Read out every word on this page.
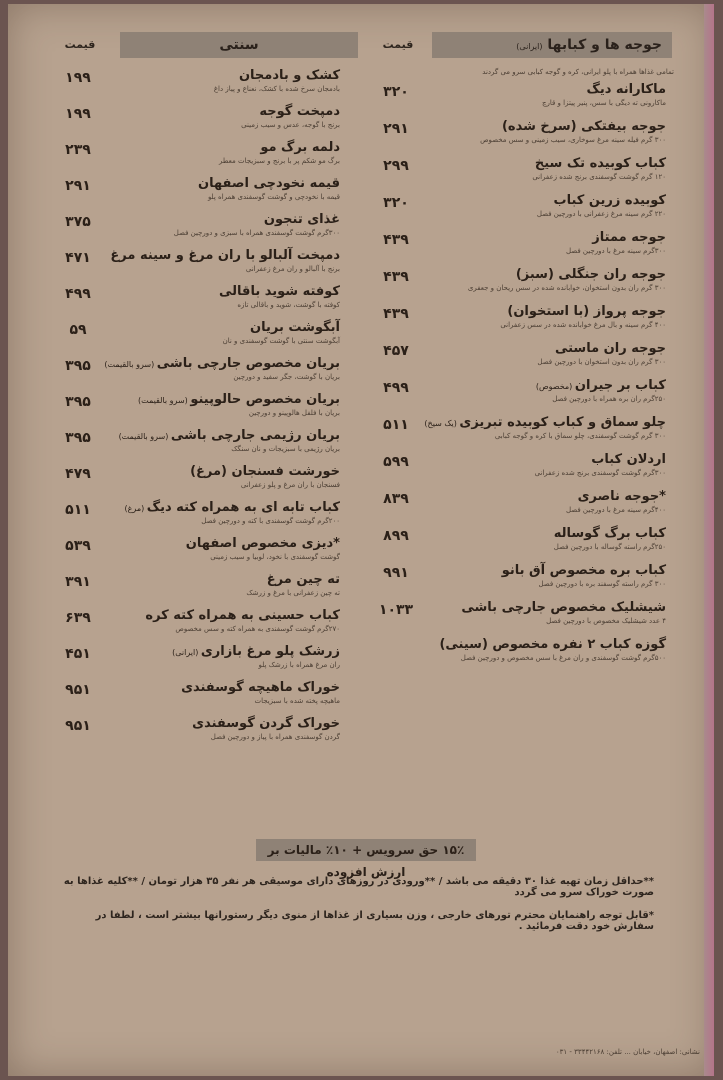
قیمت	جوجه ها و کبابها (ایرانی)
تمامی غذاها همراه با پلو ایرانی، کره و گوجه کبابی سرو می گردند
قیمت	سنتی
ماکارانه دیگ
ماکارونی ته دیگی با سس، پنیر پیتزا و قارچ
۳۲۰
جوجه بیفتکی (سرخ شده)
۳۰۰ گرم فیله سینه مرغ سوخاری، سیب زمینی و سس مخصوص
۲۹۱
کباب کوبیده تک سیخ
۱۲۰ گرم گوشت گوسفندی برنج شده زعفرانی
۲۹۹
کوبیده زرین کباب
۲۲۰ گرم سینه مرغ زعفرانی با دورچین فصل
۳۲۰
جوجه ممتاز
۳۰۰گرم سینه مرغ با دورچین فصل
۴۳۹
جوجه ران جنگلی (سبز)
۳۰۰ گرم ران بدون استخوان، خوابانده شده در سس ریحان و جعفری
۴۳۹
جوجه پرواز (با استخوان)
۴۰۰ گرم سینه و بال مرغ خوابانده شده در سس زعفرانی
۴۳۹
جوجه ران ماستی
۳۰۰ گرم ران بدون استخوان با دورچین فصل
۴۵۷
کباب بر جیران (مخصوص)
۲۵۰گرم ران بره همراه با دورچین فصل
۴۹۹
چلو سماق و کباب کوبیده تبریزی (یک سیخ)
۳۰۰ گرم گوشت گوسفندی، چلو سماق با کره و گوجه کبابی
۵۱۱
اردلان کباب
۳۰۰گرم گوشت گوسفندی برنج شده زعفرانی
۵۹۹
*جوجه ناصری
۴۰۰گرم سینه مرغ با دورچین فصل
۸۳۹
کباب برگ گوساله
۲۵۰گرم راسته گوساله با دورچین فصل
۸۹۹
کباب بره مخصوص آق بانو
۳۰۰ گرم راسته گوسفند بره با دورچین فصل
۹۹۱
شیشلیک مخصوص جارچی باشی
۴ عدد شیشلیک مخصوص با دورچین فصل
۱۰۳۳
گوزه کباب ۲ نفره مخصوص (سینی)
۵۰۰گرم گوشت گوسفندی و ران مرغ با سس مخصوص و دورچین فصل
کشک و بادمجان
بادمجان سرخ شده با کشک، نعناع و پیاز داغ
۱۹۹
دمپخت گوجه
برنج با گوجه، عدس و سیب زمینی
۱۹۹
دلمه برگ مو
برگ مو شکم پر با برنج و سبزیجات معطر
۲۳۹
قیمه نخودچی اصفهان
قیمه با نخودچی و گوشت گوسفندی همراه پلو
۲۹۱
غذای تنجون
۳۰۰گرم گوشت گوسفندی همراه با سبزی و دورچین فصل
۳۷۵
دمپخت آلبالو با ران مرغ و سینه مرغ
برنج با آلبالو و ران مرغ زعفرانی
۴۷۱
کوفته شوید باقالی
کوفته با گوشت، شوید و باقالی تازه
۴۹۹
آبگوشت بریان
آبگوشت سنتی با گوشت گوسفندی و نان
۵۹
بریان مخصوص جارچی باشی (سرو بالقیمت)
بریان با گوشت، جگر سفید و دورچین
۳۹۵
بریان مخصوص حالوپینو (سرو بالقیمت)
بریان با فلفل هالوپینو و دورچین
۳۹۵
بریان رژیمی جارچی باشی (سرو بالقیمت)
بریان رژیمی با سبزیجات و نان سنگک
۳۹۵
خورشت فسنجان (مرغ)
فسنجان با ران مرغ و پلو زعفرانی
۴۷۹
کباب تابه ای به همراه کته دیگ (مرغ)
۲۰۰گرم گوشت گوسفندی با کته و دورچین فصل
۵۱۱
*دیزی مخصوص اصفهان
گوشت گوسفندی با نخود، لوبیا و سیب زمینی
۵۳۹
ته چین مرغ
ته چین زعفرانی با مرغ و زرشک
۳۹۱
کباب حسینی به همراه کته کره
۲۷۰گرم گوشت گوسفندی به همراه کته و سس مخصوص
۶۳۹
زرشک پلو مرغ بازاری (ایرانی)
ران مرغ همراه با زرشک پلو
۴۵۱
خوراک ماهیچه گوسفندی
ماهیچه پخته شده با سبزیجات
۹۵۱
خوراک گردن گوسفندی
گردن گوسفندی همراه با پیاز و دورچین فصل
۹۵۱
۱۵٪ حق سرویس + ۱۰٪ مالیات بر ارزش افزوده
**حداقل زمان تهیه غذا ۳۰ دقیقه می باشد / **ورودی در روزهای دارای موسیقی هر نفر ۳۵ هزار تومان / **کلیه غذاها به صورت خوراک سرو می گردد
*قابل توجه راهنمایان محترم تورهای خارجی ، وزن بسیاری از غذاها از منوی دیگر رستورانها بیشتر است ، لطفا در سفارش خود دقت فرمائید .
نشانی: اصفهان، خیابان ... تلفن: ۳۳۴۴۲۱۶۸ - ۰۳۱
